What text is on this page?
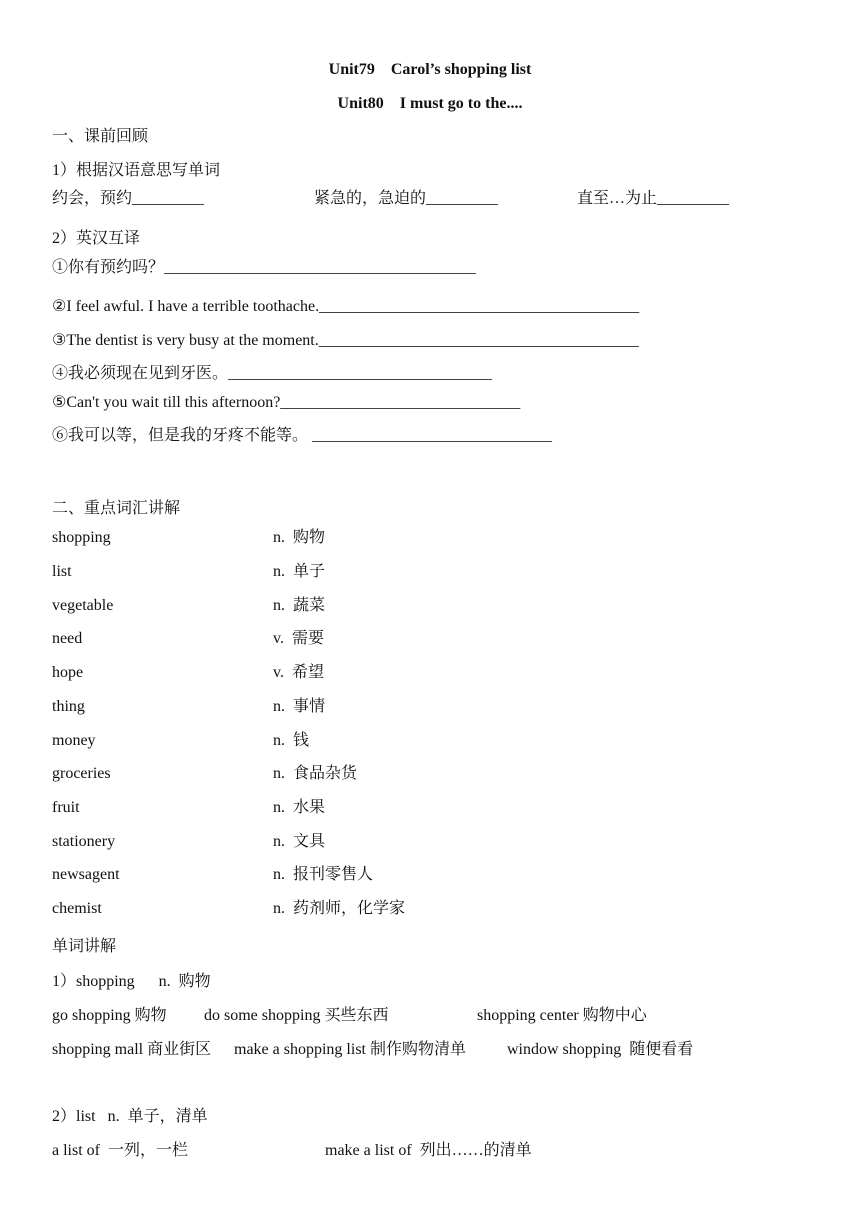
Unit79    Carol’s shopping list
Unit80    I must go to the....
一、课前回顾
1）根据汉语意思写单词
约会，预约_________	紧急的，急迫的_________	直至…为止_________
2）英汉互译
①你有预约吗？_______________________________________
②I feel awful. I have a terrible toothache.________________________________________
③The dentist is very busy at the moment.________________________________________
④我必须现在见到牙医。_________________________________
⑤Can't you wait till this afternoon?______________________________
⑥我可以等，但是我的牙疼不能等。 ______________________________
二、重点词汇讲解
shopping	n.  购物
list	n.  单子
vegetable	n.  蔬菜
need	v.  需要
hope	v.  希望
thing	n.  事情
money	n.  钱
groceries	n.  食品杂货
fruit	n.  水果
stationery	n.  文具
newsagent	n.  报刊零售人
chemist	n.  药剂师，化学家
单词讲解
1）shopping      n.  购物
go shopping 购物 do some shopping 买些东西	shopping center 购物中心
shopping mall 商业街区 make a shopping list 制作购物清单	window shopping  随便看看
2）list   n.  单子，清单
a list of  一列，一栏	make a list of  列出……的清单
